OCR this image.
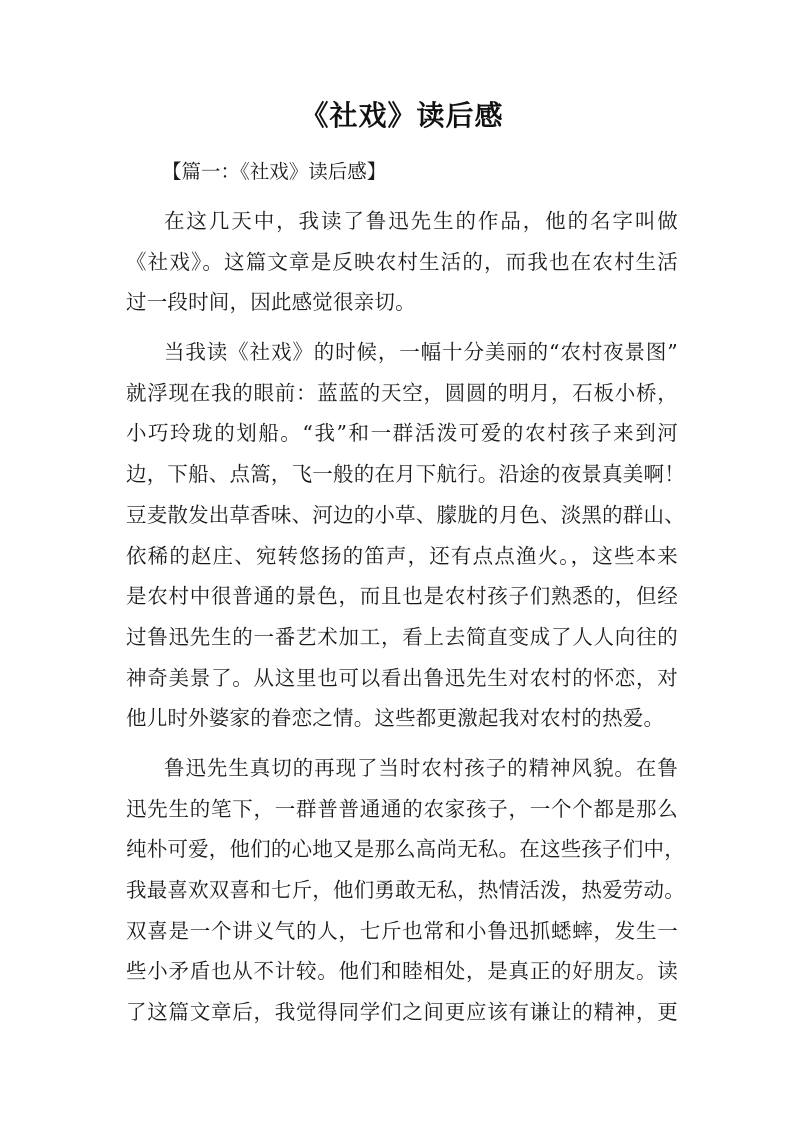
《社戏》读后感
【篇一：《社戏》读后感】

在这几天中，我读了鲁迅先生的作品，他的名字叫做
《社戏》。这篇文章是反映农村生活的，而我也在农村生活
过一段时间，因此感觉很亲切。

当我读《社戏》的时候，一幅十分美丽的“农村夜景图”
就浮现在我的眼前：蓝蓝的天空，圆圆的明月，石板小桥，
小巧玲珑的划船。“我”和一群活泼可爱的农村孩子来到河
边，下船、点篙，飞一般的在月下航行。沿途的夜景真美啊！
豆麦散发出草香味、河边的小草、朦胧的月色、淡黑的群山、
依稀的赵庄、宛转悠扬的笛声，还有点点渔火。，这些本来
是农村中很普通的景色，而且也是农村孩子们熟悉的，但经
过鲁迅先生的一番艺术加工，看上去简直变成了人人向往的
神奇美景了。从这里也可以看出鲁迅先生对农村的怀恋，对
他儿时外婆家的眷恋之情。这些都更激起我对农村的热爱。

鲁迅先生真切的再现了当时农村孩子的精神风貌。在鲁
迅先生的笔下，一群普普通通的农家孩子，一个个都是那么
纯朴可爱，他们的心地又是那么高尚无私。在这些孩子们中，
我最喜欢双喜和七斤，他们勇敢无私，热情活泼，热爱劳动。
双喜是一个讲义气的人，七斤也常和小鲁迅抓蟋蟀，发生一
些小矛盾也从不计较。他们和睦相处，是真正的好朋友。读
了这篇文章后，我觉得同学们之间更应该有谦让的精神，更
